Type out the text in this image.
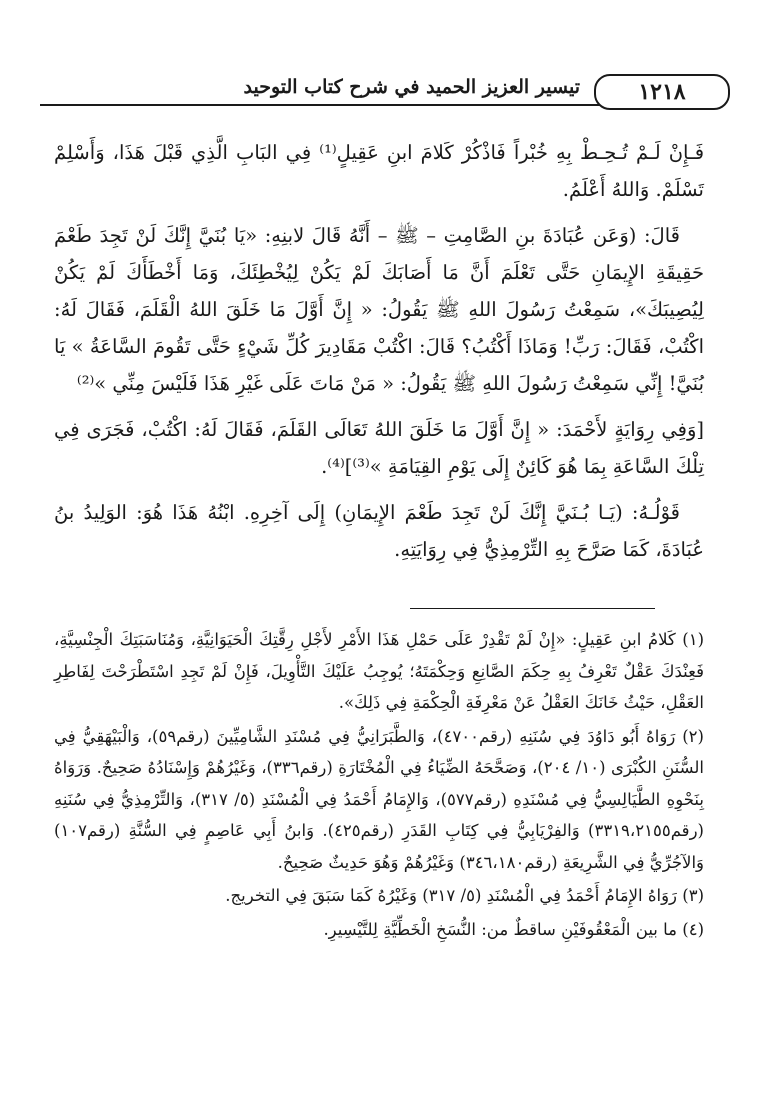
تيسير العزيز الحميد في شرح كتاب التوحيد	١٢١٨

فَـإِنْ لَـمْ تُـحِـطْ بِهِ خُبْراً فَاذْكُرْ كَلامَ ابنِ عَقِيلٍ⁽¹⁾ فِي البَابِ الَّذِي قَبْلَ هَذَا، وَأَسْلِمْ تَسْلَمْ. وَاللهُ أَعْلَمُ.

قَالَ: (وَعَن عُبَادَةَ بنِ الصَّامِتِ – ﷺ – أَنَّهُ قَالَ لابنِهِ: «يَا بُنَيَّ إِنَّكَ لَنْ تَجِدَ طَعْمَ حَقِيقَةِ الإِيمَانِ حَتَّى تَعْلَمَ أَنَّ مَا أَصَابَكَ لَمْ يَكُنْ لِيُخْطِئَكَ، وَمَا أَخْطَأَكَ لَمْ يَكُنْ لِيُصِيبَكَ»، سَمِعْتُ رَسُولَ اللهِ ﷺ يَقُولُ: « إِنَّ أَوَّلَ مَا خَلَقَ اللهُ الْقَلَمَ، فَقَالَ لَهُ: اكْتُبْ، فَقَالَ: رَبِّ! وَمَاذَا أَكْتُبُ؟ قَالَ: اكْتُبْ مَقَادِيرَ كُلِّ شَيْءٍ حَتَّى تَقُومَ السَّاعَةُ » يَا بُنَيَّ! إِنِّي سَمِعْتُ رَسُولَ اللهِ ﷺ يَقُولُ: « مَنْ مَاتَ عَلَى غَيْرِ هَذَا فَلَيْسَ مِنِّي »⁽²⁾

[وَفِي رِوَايَةٍ لأَحْمَدَ: « إِنَّ أَوَّلَ مَا خَلَقَ اللهُ تَعَالَى القَلَمَ، فَقَالَ لَهُ: اكْتُبْ، فَجَرَى فِي تِلْكَ السَّاعَةِ بِمَا هُوَ كَائِنٌ إِلَى يَوْمِ القِيَامَةِ »⁽³⁾]⁽⁴⁾.

قَوْلُـهُ: (يَـا بُـنَيَّ إِنَّكَ لَنْ تَجِدَ طَعْمَ الإِيمَانِ) إِلَى آخِرِهِ. ابْنُهُ هَذَا هُوَ: الوَلِيدُ بنُ عُبَادَةَ، كَمَا صَرَّحَ بِهِ التِّرْمِذِيُّ فِي رِوَايَتِهِ.

(١) كَلامُ ابنِ عَقِيلٍ: «إِنْ لَمْ تَقْدِرْ عَلَى حَمْلِ هَذَا الأَمْرِ لأَجْلِ رِقَّتِكَ الْحَيَوَانِيَّةِ، وَمُنَاسَبَتِكَ الْجِنْسِيَّةِ، فَعِنْدَكَ عَقْلٌ تَعْرِفُ بِهِ حِكَمَ الصَّانِعِ وَحِكْمَتَهُ؛ يُوجِبُ عَلَيْكَ التَّأْوِيلَ، فَإِنْ لَمْ تَجِدِ اسْتَطْرَحْتَ لِفَاطِرِ العَقْلِ، حَيْثُ خَانَكَ العَقْلُ عَنْ مَعْرِفَةِ الْحِكْمَةِ فِي ذَلِكَ».

(٢) رَوَاهُ أَبُو دَاوُدَ فِي سُنَنِهِ (رقم٤٧٠٠)، وَالطَّبَرَانِيُّ فِي مُسْنَدِ الشَّامِيِّينَ (رقم٥٩)، وَالْبَيْهَقِيُّ فِي السُّنَنِ الكُبْرَى (١٠/ ٢٠٤)، وَصَحَّحَهُ الضِّيَاءُ فِي الْمُخْتَارَةِ (رقم٣٣٦)، وَغَيْرُهُمْ وَإِسْنَادُهُ صَحِيحٌ. وَرَوَاهُ بِنَحْوِهِ الطَّيَالِسِيُّ فِي مُسْنَدِهِ (رقم٥٧٧)، وَالإِمَامُ أَحْمَدُ فِي الْمُسْنَدِ (٥/ ٣١٧)، وَالتِّرْمِذِيُّ فِي سُنَنِهِ (رقم٣٣١٩،٢١٥٥) وَالفِرْيَابِيُّ فِي كِتَابِ القَدَرِ (رقم٤٢٥). وَابنُ أَبِي عَاصِمٍ فِي السُّنَّةِ (رقم١٠٧) وَالآجُرِّيُّ فِي الشَّرِيعَةِ (رقم٣٤٦،١٨٠) وَغَيْرُهُمْ وَهُوَ حَدِيثٌ صَحِيحٌ.

(٣) رَوَاهُ الإِمَامُ أَحْمَدُ فِي الْمُسْنَدِ (٥/ ٣١٧) وَغَيْرُهُ كَمَا سَبَقَ فِي التخريج.

(٤) ما بين الْمَعْقُوفَيْنِ ساقطٌ من: النُّسَخِ الْخَطِّيَّةِ لِلتَّيْسِيرِ.
